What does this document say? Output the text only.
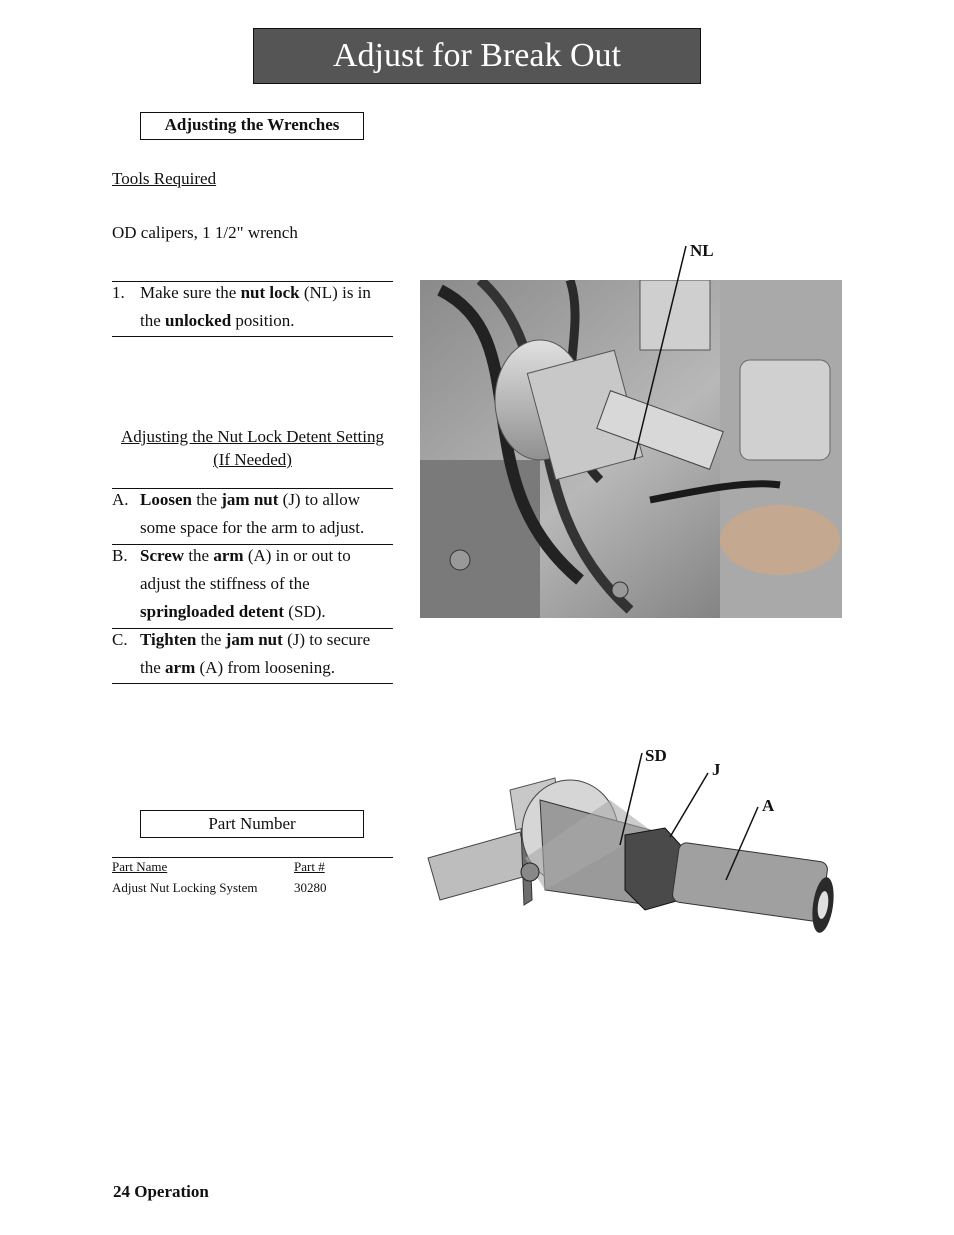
Adjust for Break Out
Adjusting the Wrenches
Tools Required
OD calipers, 1 1/2" wrench
1. Make sure the nut lock (NL) is in the unlocked position.
Adjusting the Nut Lock Detent Setting
(If Needed)
A. Loosen the jam nut (J) to allow some space for the arm to adjust.
B. Screw the arm (A) in or out to adjust the stiffness of the springloaded detent (SD).
C. Tighten the jam nut (J) to secure the arm (A) from loosening.
Part Number
Part Name	Part #
Adjust Nut Locking System	30280
NL
SD
J
A
24 Operation
